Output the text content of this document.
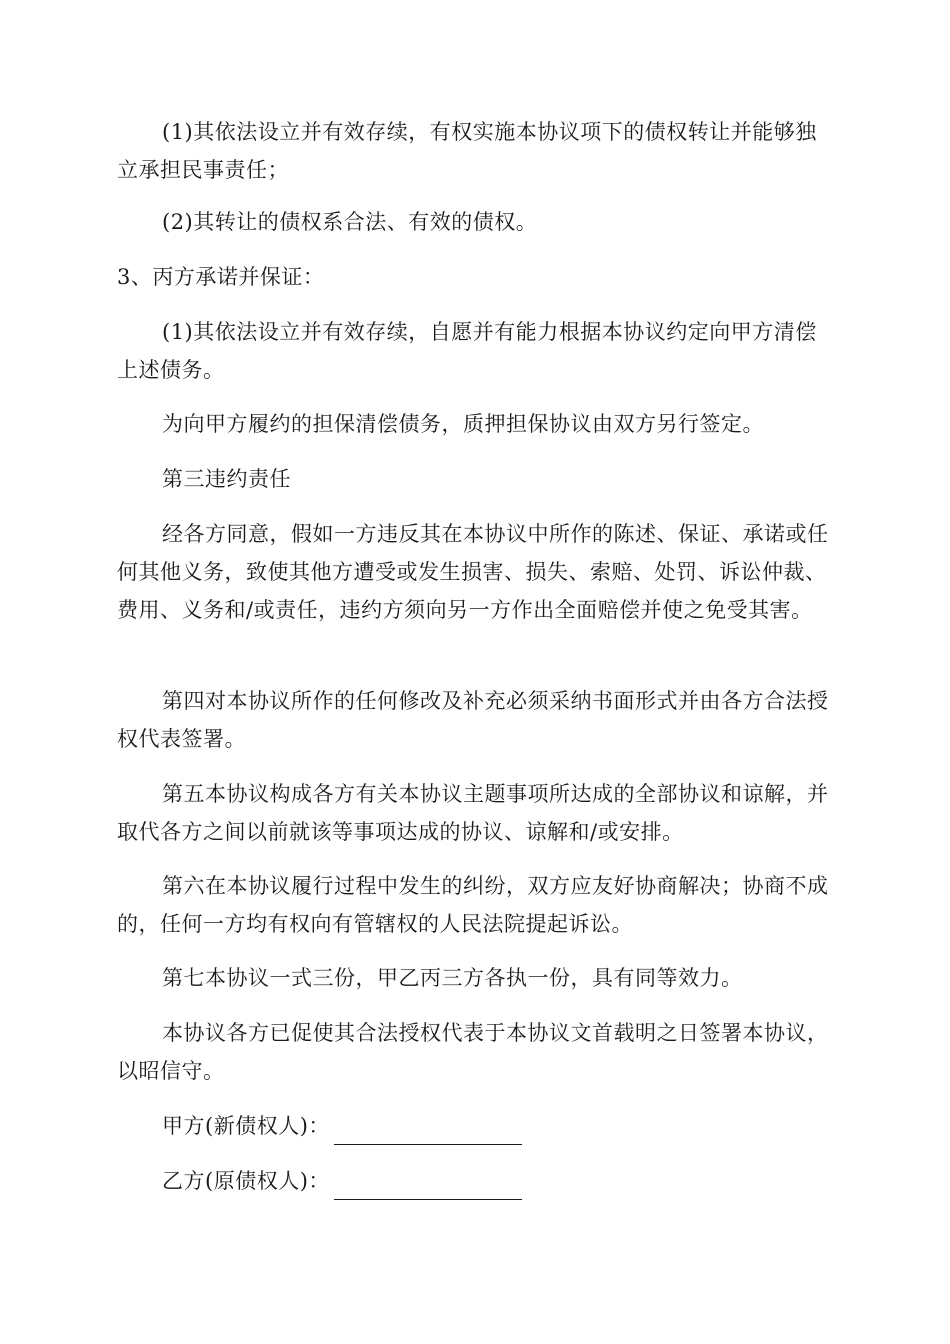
(1)其依法设立并有效存续，有权实施本协议项下的债权转让并能够独立承担民事责任；

(2)其转让的债权系合法、有效的债权。

3、丙方承诺并保证：

(1)其依法设立并有效存续，自愿并有能力根据本协议约定向甲方清偿上述债务。

为向甲方履约的担保清偿债务，质押担保协议由双方另行签定。

第三违约责任

经各方同意，假如一方违反其在本协议中所作的陈述、保证、承诺或任何其他义务，致使其他方遭受或发生损害、损失、索赔、处罚、诉讼仲裁、费用、义务和/或责任，违约方须向另一方作出全面赔偿并使之免受其害。

第四对本协议所作的任何修改及补充必须采纳书面形式并由各方合法授权代表签署。

第五本协议构成各方有关本协议主题事项所达成的全部协议和谅解，并取代各方之间以前就该等事项达成的协议、谅解和/或安排。

第六在本协议履行过程中发生的纠纷，双方应友好协商解决；协商不成的，任何一方均有权向有管辖权的人民法院提起诉讼。

第七本协议一式三份，甲乙丙三方各执一份，具有同等效力。

本协议各方已促使其合法授权代表于本协议文首载明之日签署本协议，以昭信守。

甲方(新债权人)：

乙方(原债权人)：
